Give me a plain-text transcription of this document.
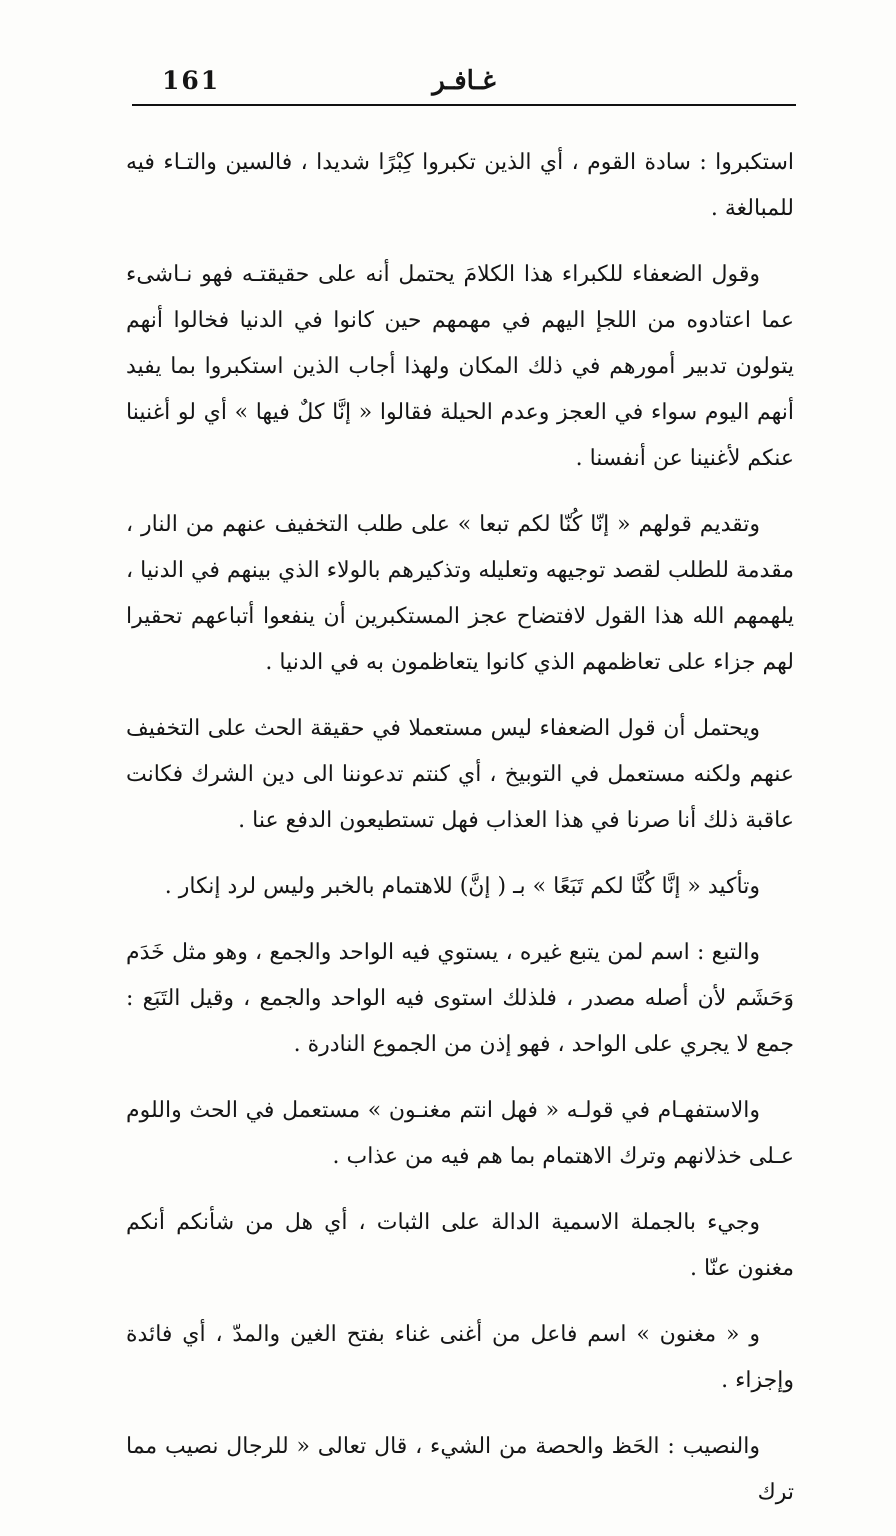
غـافـر
161

استكبروا : سادة القوم ، أي الذين تكبروا كِبْرًا شديدا ، فالسين والتـاء فيه للمبالغة .

وقول الضعفاء للكبراء هذا الكلامَ يحتمل أنه على حقيقتـه فهو نـاشىء عما اعتادوه من اللجإ اليهم في مهمهم حين كانوا في الدنيا فخالوا أنهم يتولون تدبير أمورهم في ذلك المكان ولهذا أجاب الذين استكبروا بما يفيد أنهم اليوم سواء في العجز وعدم الحيلة فقالوا « إنَّا كلٌ فيها » أي لو أغنينا عنكم لأغنينا عن أنفسنا .

وتقديم قولهم « إنّا كُنّا لكم تبعا » على طلب التخفيف عنهم من النار ، مقدمة للطلب لقصد توجيهه وتعليله وتذكيرهم بالولاء الذي بينهم في الدنيا ، يلهمهم الله هذا القول لافتضاح عجز المستكبرين أن ينفعوا أتباعهم تحقيرا لهم جزاء على تعاظمهم الذي كانوا يتعاظمون به في الدنيا .

ويحتمل أن قول الضعفاء ليس مستعملا في حقيقة الحث على التخفيف عنهم ولكنه مستعمل في التوبيخ ، أي كنتم تدعوننا الى دين الشرك فكانت عاقبة ذلك أنا صرنا في هذا العذاب فهل تستطيعون الدفع عنا .

وتأكيد « إنَّا كُنَّا لكم تَبَعًا » بـ ( إنَّ) للاهتمام بالخبر وليس لرد إنكار .

والتبع : اسم لمن يتبع غيره ، يستوي فيه الواحد والجمع ، وهو مثل خَدَم وَحَشَم لأن أصله مصدر ، فلذلك استوى فيه الواحد والجمع ، وقيل التَبَع : جمع لا يجري على الواحد ، فهو إذن من الجموع النادرة .

والاستفهـام في قولـه « فهل انتم مغنـون » مستعمل في الحث واللوم عـلى خذلانهم وترك الاهتمام بما هم فيه من عذاب .

وجيء بالجملة الاسمية الدالة على الثبات ، أي هل من شأنكم أنكم مغنون عنّا .

و « مغنون » اسم فاعل من أغنى غناء بفتح الغين والمدّ ، أي فائدة وإجزاء .

والنصيب : الحَظ والحصة من الشيء ، قال تعالى « للرجال نصيب مما ترك
